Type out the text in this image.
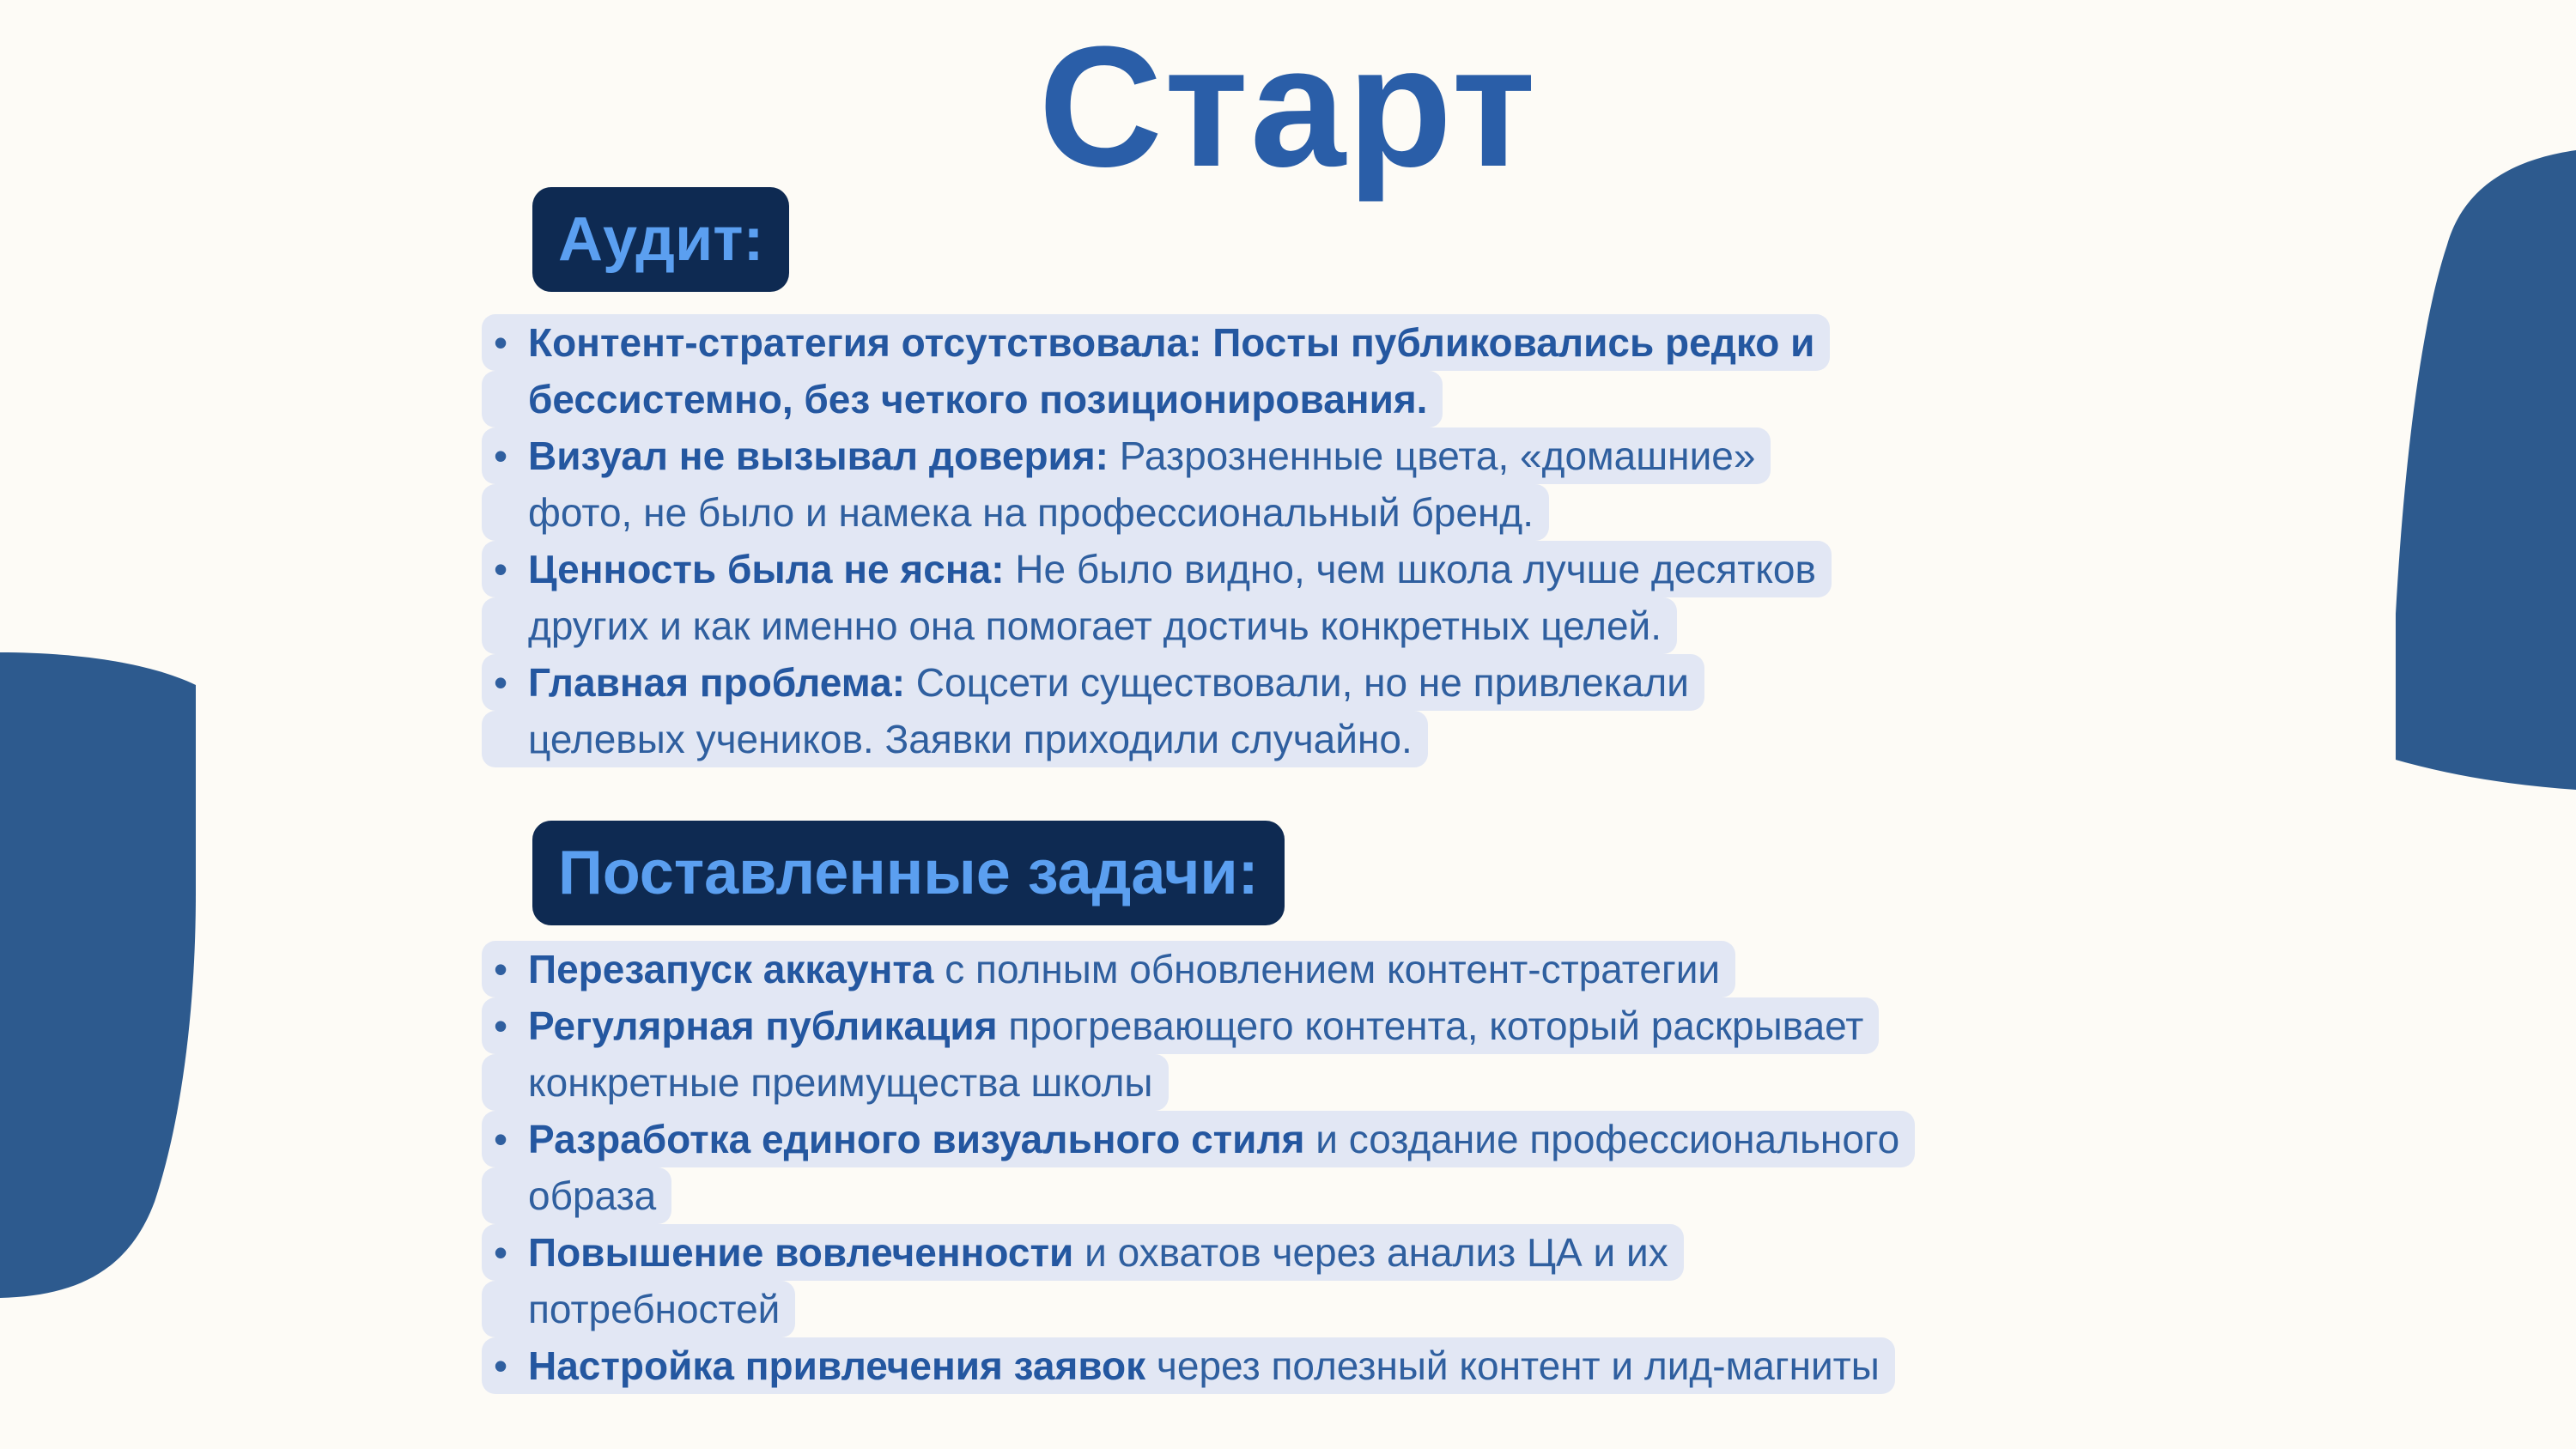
Старт
Аудит:
• Контент-стратегия отсутствовала: Посты публиковались редко и
бессистемно, без четкого позиционирования.
• Визуал не вызывал доверия: Разрозненные цвета, «домашние»
фото, не было и намека на профессиональный бренд.
• Ценность была не ясна: Не было видно, чем школа лучше десятков
других и как именно она помогает достичь конкретных целей.
• Главная проблема: Соцсети существовали, но не привлекали
целевых учеников. Заявки приходили случайно.
Поставленные задачи:
• Перезапуск аккаунта с полным обновлением контент-стратегии
• Регулярная публикация прогревающего контента, который раскрывает
конкретные преимущества школы
• Разработка единого визуального стиля и создание профессионального
образа
• Повышение вовлеченности и охватов через анализ ЦА и их
потребностей
• Настройка привлечения заявок через полезный контент и лид-магниты
